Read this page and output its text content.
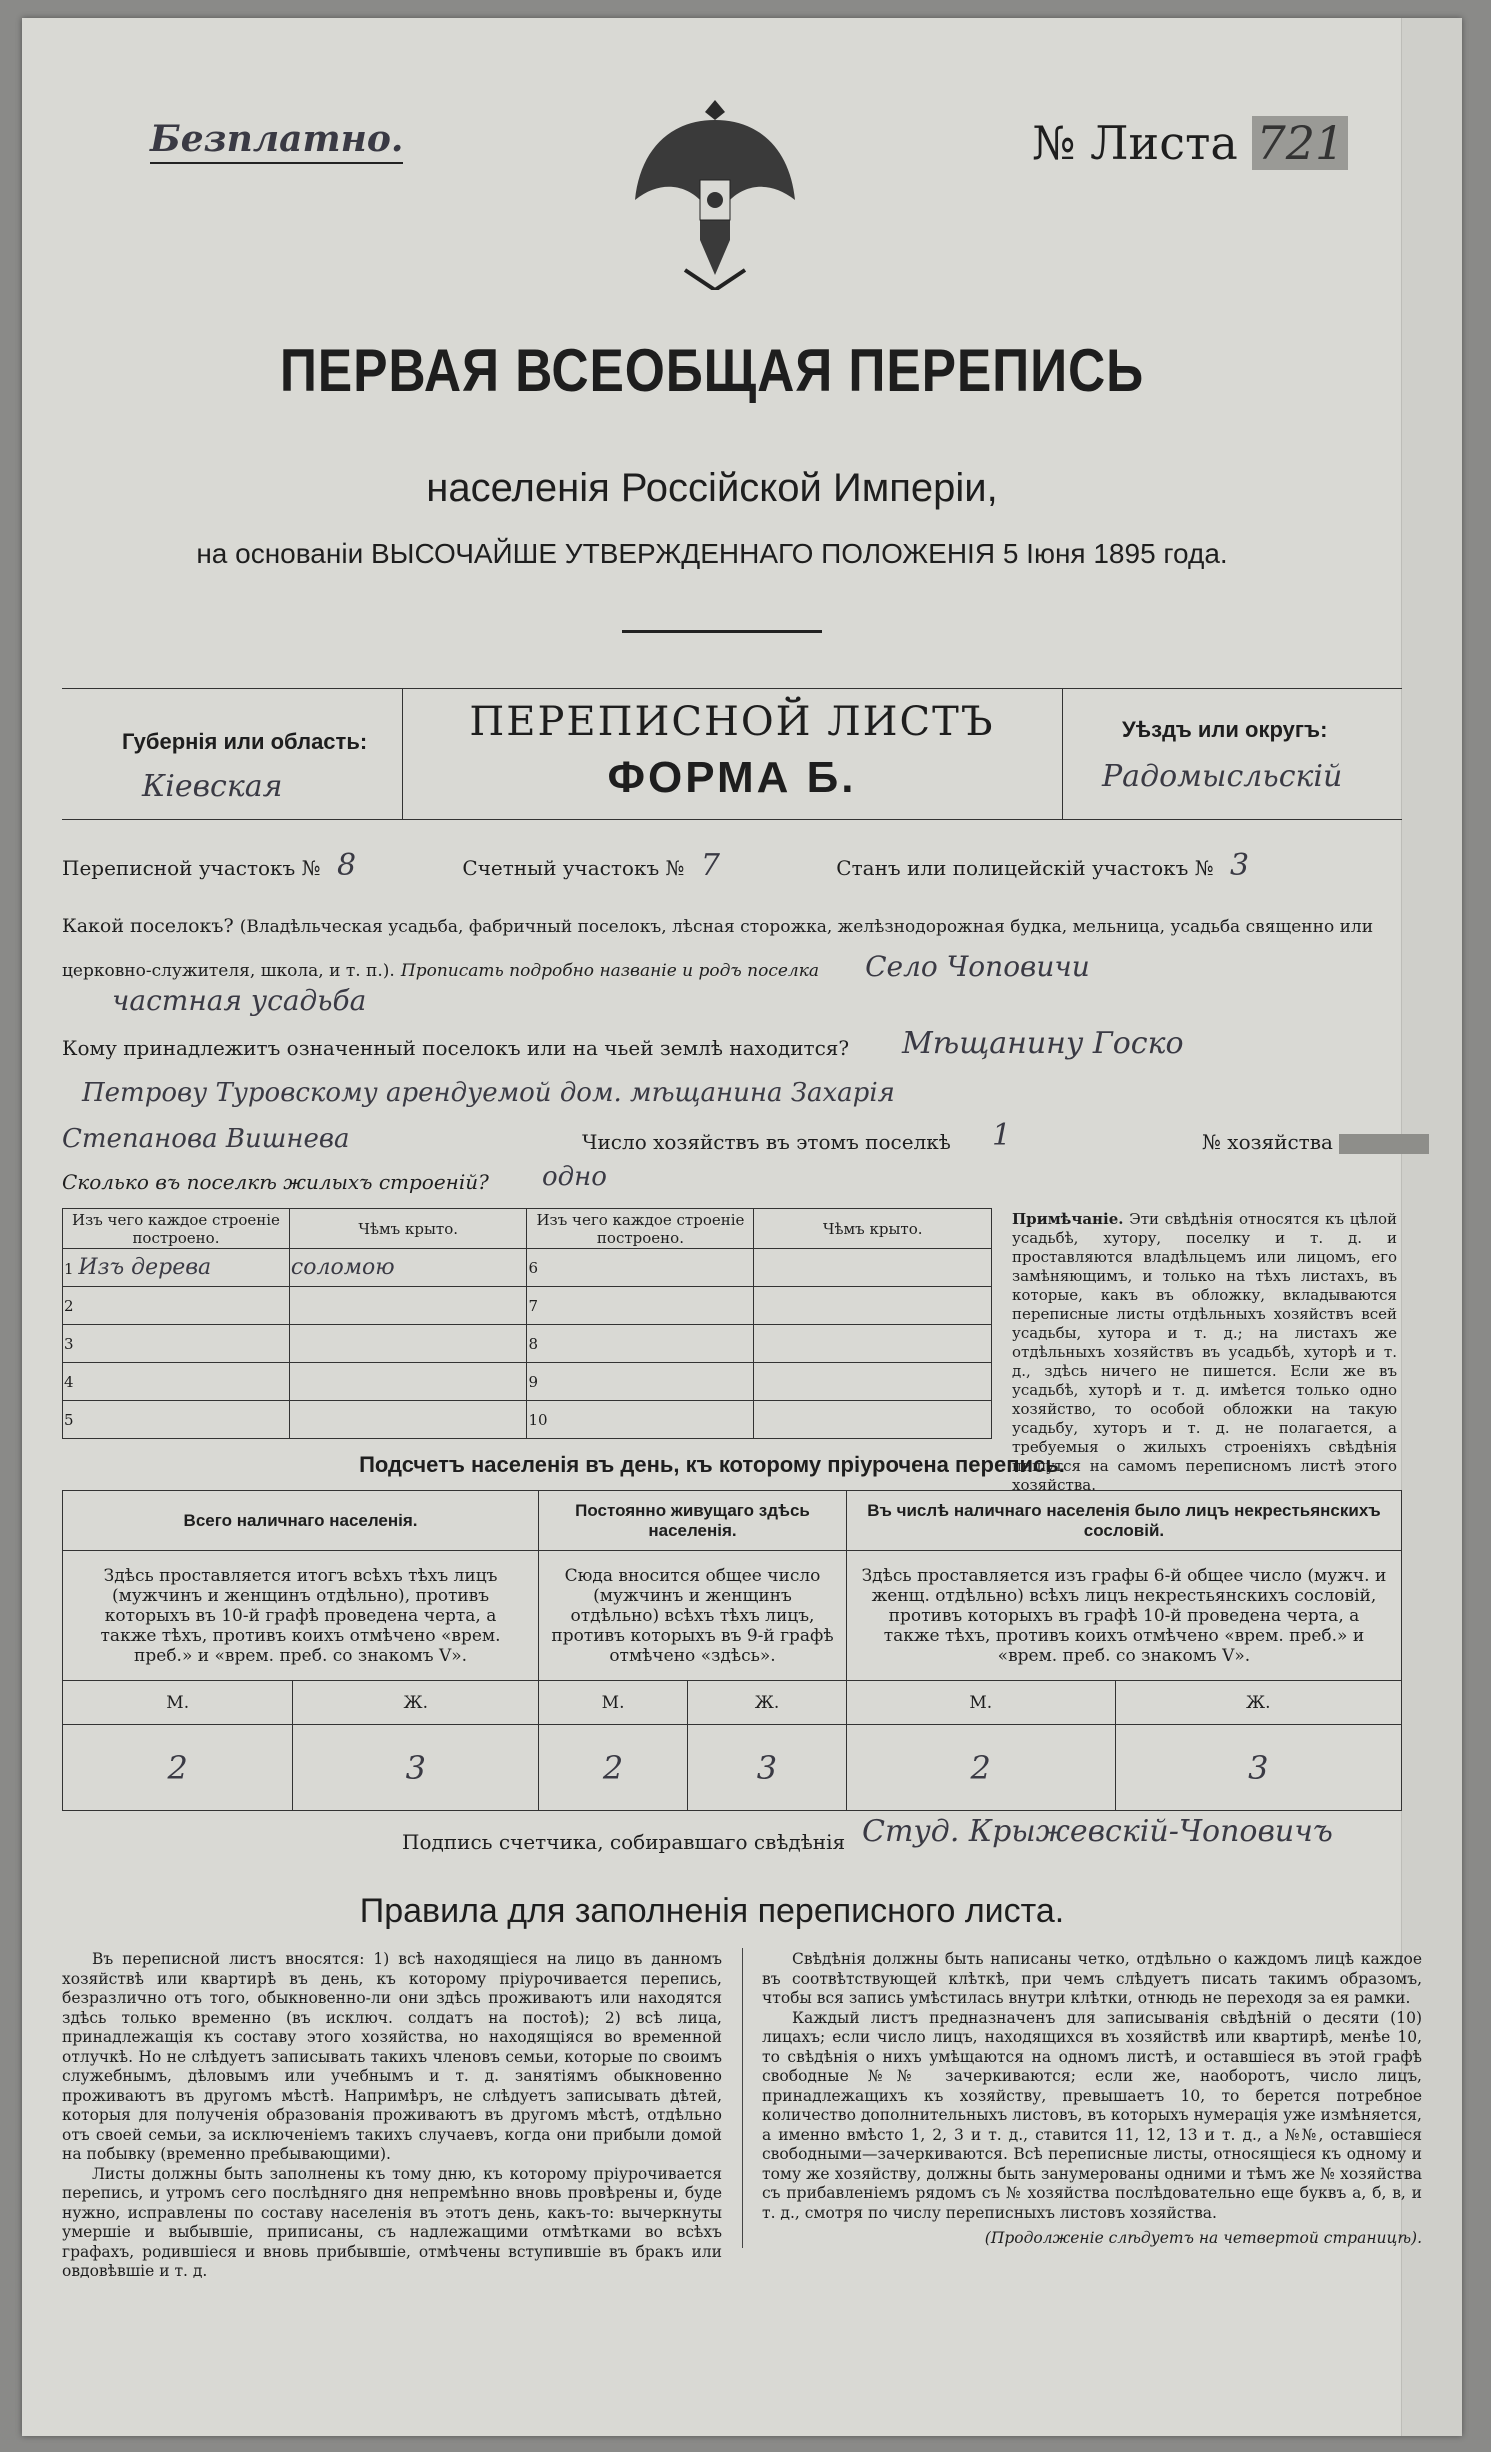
Безплатно.	№ Листа 721
ПЕРВАЯ ВСЕОБЩАЯ ПЕРЕПИСЬ
населенія Россійской Имперіи,
на основаніи ВЫСОЧАЙШЕ УТВЕРЖДЕННАГО ПОЛОЖЕНІЯ 5 Іюня 1895 года.
Губернія или область:
Кіевская
ПЕРЕПИСНОЙ ЛИСТЪ
ФОРМА Б.
Уѣздъ или округъ:
Радомысльскій
Переписной участокъ № 8	Счетный участокъ № 7	Станъ или полицейскій участокъ № 3
Какой поселокъ? (Владѣльческая усадьба, фабричный поселокъ, лѣсная сторожка, желѣзнодорожная будка, мельница, усадьба священно или церковно-служителя, школа, и т. п.). Прописать подробно названіе и родъ поселка Село Чоповичи
частная усадьба
Кому принадлежитъ означенный поселокъ или на чьей землѣ находится? Мѣщанину Госко
Петрову Туровскому арендуемой дом. мѣщанина Захарія
Степанова Вишнева	Число хозяйствъ въ этомъ поселкѣ 1	№ хозяйства
Сколько въ поселкѣ жилыхъ строеній? одно
Изъ чего каждое строеніе построено.	Чѣмъ крыто.	Изъ чего каждое строеніе построено.	Чѣмъ крыто.
1 Изъ дерева	соломою	6	
2		7	
3		8	
4		9	
5		10	
Примѣчаніе. Эти свѣдѣнія относятся къ цѣлой усадьбѣ, хутору, поселку и т. д. и проставляются владѣльцемъ или лицомъ, его замѣняющимъ, и только на тѣхъ листахъ, въ которые, какъ въ обложку, вкладываются переписные листы отдѣльныхъ хозяйствъ всей усадьбы, хутора и т. д.; на листахъ же отдѣльныхъ хозяйствъ въ усадьбѣ, хуторѣ и т. д., здѣсь ничего не пишется. Если же въ усадьбѣ, хуторѣ и т. д. имѣется только одно хозяйство, то особой обложки на такую усадьбу, хуторъ и т. д. не полагается, а требуемыя о жилыхъ строеніяхъ свѣдѣнія пишутся на самомъ переписномъ листѣ этого хозяйства.
Подсчетъ населенія въ день, къ которому пріурочена перепись.
Всего наличнаго населенія.		Постоянно живущаго здѣсь населенія.		Въ числѣ наличнаго населенія было лицъ некрестьянскихъ сословій.	
Здѣсь проставляется итогъ всѣхъ тѣхъ лицъ (мужчинъ и женщинъ отдѣльно), противъ которыхъ въ 10-й графѣ проведена черта, а также тѣхъ, противъ коихъ отмѣчено «врем. преб.» и «врем. преб. со знакомъ V».		Сюда вносится общее число (мужчинъ и женщинъ отдѣльно) всѣхъ тѣхъ лицъ, противъ которыхъ въ 9-й графѣ отмѣчено «здѣсь».		Здѣсь проставляется изъ графы 6-й общее число (мужч. и женщ. отдѣльно) всѣхъ лицъ некрестьянскихъ сословій, противъ которыхъ въ графѣ 10-й проведена черта, а также тѣхъ, противъ коихъ отмѣчено «врем. преб.» и «врем. преб. со знакомъ V».	
М.	Ж.	М.	Ж.	М.	Ж.
2	3	2	3	2	3
Подпись счетчика, собиравшаго свѣдѣнія Студ. Крыжевскій-Чоповичъ
Правила для заполненія переписного листа.

Въ переписной листъ вносятся: 1) всѣ находящіеся на лицо въ данномъ хозяйствѣ или квартирѣ въ день, къ которому пріурочивается перепись, безразлично отъ того, обыкновенно-ли они здѣсь проживаютъ или находятся здѣсь только временно (въ исключ. солдатъ на постоѣ); 2) всѣ лица, принадлежащія къ составу этого хозяйства, но находящіяся во временной отлучкѣ. Но не слѣдуетъ записывать такихъ членовъ семьи, которые по своимъ служебнымъ, дѣловымъ или учебнымъ и т. д. занятіямъ обыкновенно проживаютъ въ другомъ мѣстѣ. Напримѣръ, не слѣдуетъ записывать дѣтей, которыя для полученія образованія проживаютъ въ другомъ мѣстѣ, отдѣльно отъ своей семьи, за исключеніемъ такихъ случаевъ, когда они прибыли домой на побывку (временно пребывающими).

Листы должны быть заполнены къ тому дню, къ которому пріурочивается перепись, и утромъ сего послѣдняго дня непремѣнно вновь провѣрены и, буде нужно, исправлены по составу населенія въ этотъ день, какъ-то: вычеркнуты умершіе и выбывшіе, приписаны, съ надлежащими отмѣтками во всѣхъ графахъ, родившіеся и вновь прибывшіе, отмѣчены вступившіе въ бракъ или овдовѣвшіе и т. д.

Свѣдѣнія должны быть написаны четко, отдѣльно о каждомъ лицѣ каждое въ соотвѣтствующей клѣткѣ, при чемъ слѣдуетъ писать такимъ образомъ, чтобы вся запись умѣстилась внутри клѣтки, отнюдь не переходя за ея рамки.

Каждый листъ предназначенъ для записыванія свѣдѣній о десяти (10) лицахъ; если число лицъ, находящихся въ хозяйствѣ или квартирѣ, менѣе 10, то свѣдѣнія о нихъ умѣщаются на одномъ листѣ, и оставшіеся въ этой графѣ свободные №№ зачеркиваются; если же, наоборотъ, число лицъ, принадлежащихъ къ хозяйству, превышаетъ 10, то берется потребное количество дополнительныхъ листовъ, въ которыхъ нумерація уже измѣняется, а именно вмѣсто 1, 2, 3 и т. д., ставится 11, 12, 13 и т. д., а №№, оставшіеся свободными—зачеркиваются. Всѣ переписные листы, относящіеся къ одному и тому же хозяйству, должны быть занумерованы одними и тѣмъ же № хозяйства съ прибавленіемъ рядомъ съ № хозяйства послѣдовательно еще буквъ а, б, в, и т. д., смотря по числу переписныхъ листовъ хозяйства.

(Продолженіе слѣдуетъ на четвертой страницѣ).
